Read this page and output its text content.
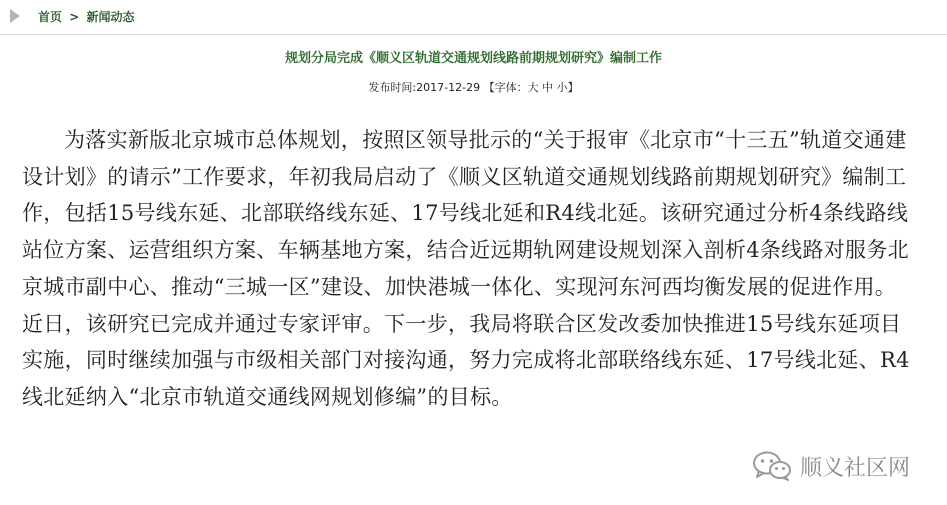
首页 > 新闻动态
规划分局完成《顺义区轨道交通规划线路前期规划研究》编制工作
发布时间:2017-12-29 【字体：大 中 小】

为落实新版北京城市总体规划，按照区领导批示的“关于报审《北京市“十三五”轨道交通建设计划》的请示”工作要求，年初我局启动了《顺义区轨道交通规划线路前期规划研究》编制工作，包括15号线东延、北部联络线东延、17号线北延和R4线北延。该研究通过分析4条线路线站位方案、运营组织方案、车辆基地方案，结合近远期轨网建设规划深入剖析4条线路对服务北京城市副中心、推动“三城一区”建设、加快港城一体化、实现河东河西均衡发展的促进作用。近日，该研究已完成并通过专家评审。下一步，我局将联合区发改委加快推进15号线东延项目实施，同时继续加强与市级相关部门对接沟通，努力完成将北部联络线东延、17号线北延、R4线北延纳入“北京市轨道交通线网规划修编”的目标。

顺义社区网
